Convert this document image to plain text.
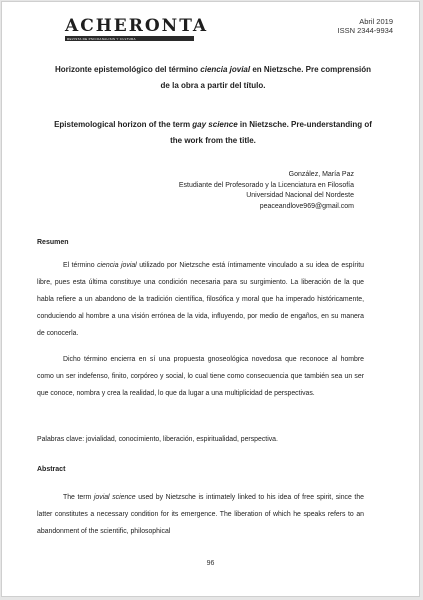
ACHERONTA
REVISTA DE PSICOANALISIS Y CULTURA
Abril 2019
ISSN 2344-9934
Horizonte epistemológico del término ciencia jovial en Nietzsche. Pre comprensión de la obra a partir del título.
Epistemological horizon of the term gay science in Nietzsche. Pre-understanding of the work from the title.
González, María Paz
Estudiante del Profesorado y la Licenciatura en Filosofía
Universidad Nacional del Nordeste
peaceandlove969@gmail.com
Resumen

El término ciencia jovial utilizado por Nietzsche está íntimamente vinculado a su idea de espíritu libre, pues esta última constituye una condición necesaria para su surgimiento. La liberación de la que habla refiere a un abandono de la tradición científica, filosófica y moral que ha imperado históricamente, conduciendo al hombre a una visión errónea de la vida, influyendo, por medio de engaños, en su manera de conocerla.

Dicho término encierra en sí una propuesta gnoseológica novedosa que reconoce al hombre como un ser indefenso, finito, corpóreo y social, lo cual tiene como consecuencia que también sea un ser que conoce, nombra y crea la realidad, lo que da lugar a una multiplicidad de perspectivas.

Palabras clave: jovialidad, conocimiento, liberación, espiritualidad, perspectiva.

Abstract

The term jovial science used by Nietzsche is intimately linked to his idea of free spirit, since the latter constitutes a necessary condition for its emergence. The liberation of which he speaks refers to an abandonment of the scientific, philosophical

96
